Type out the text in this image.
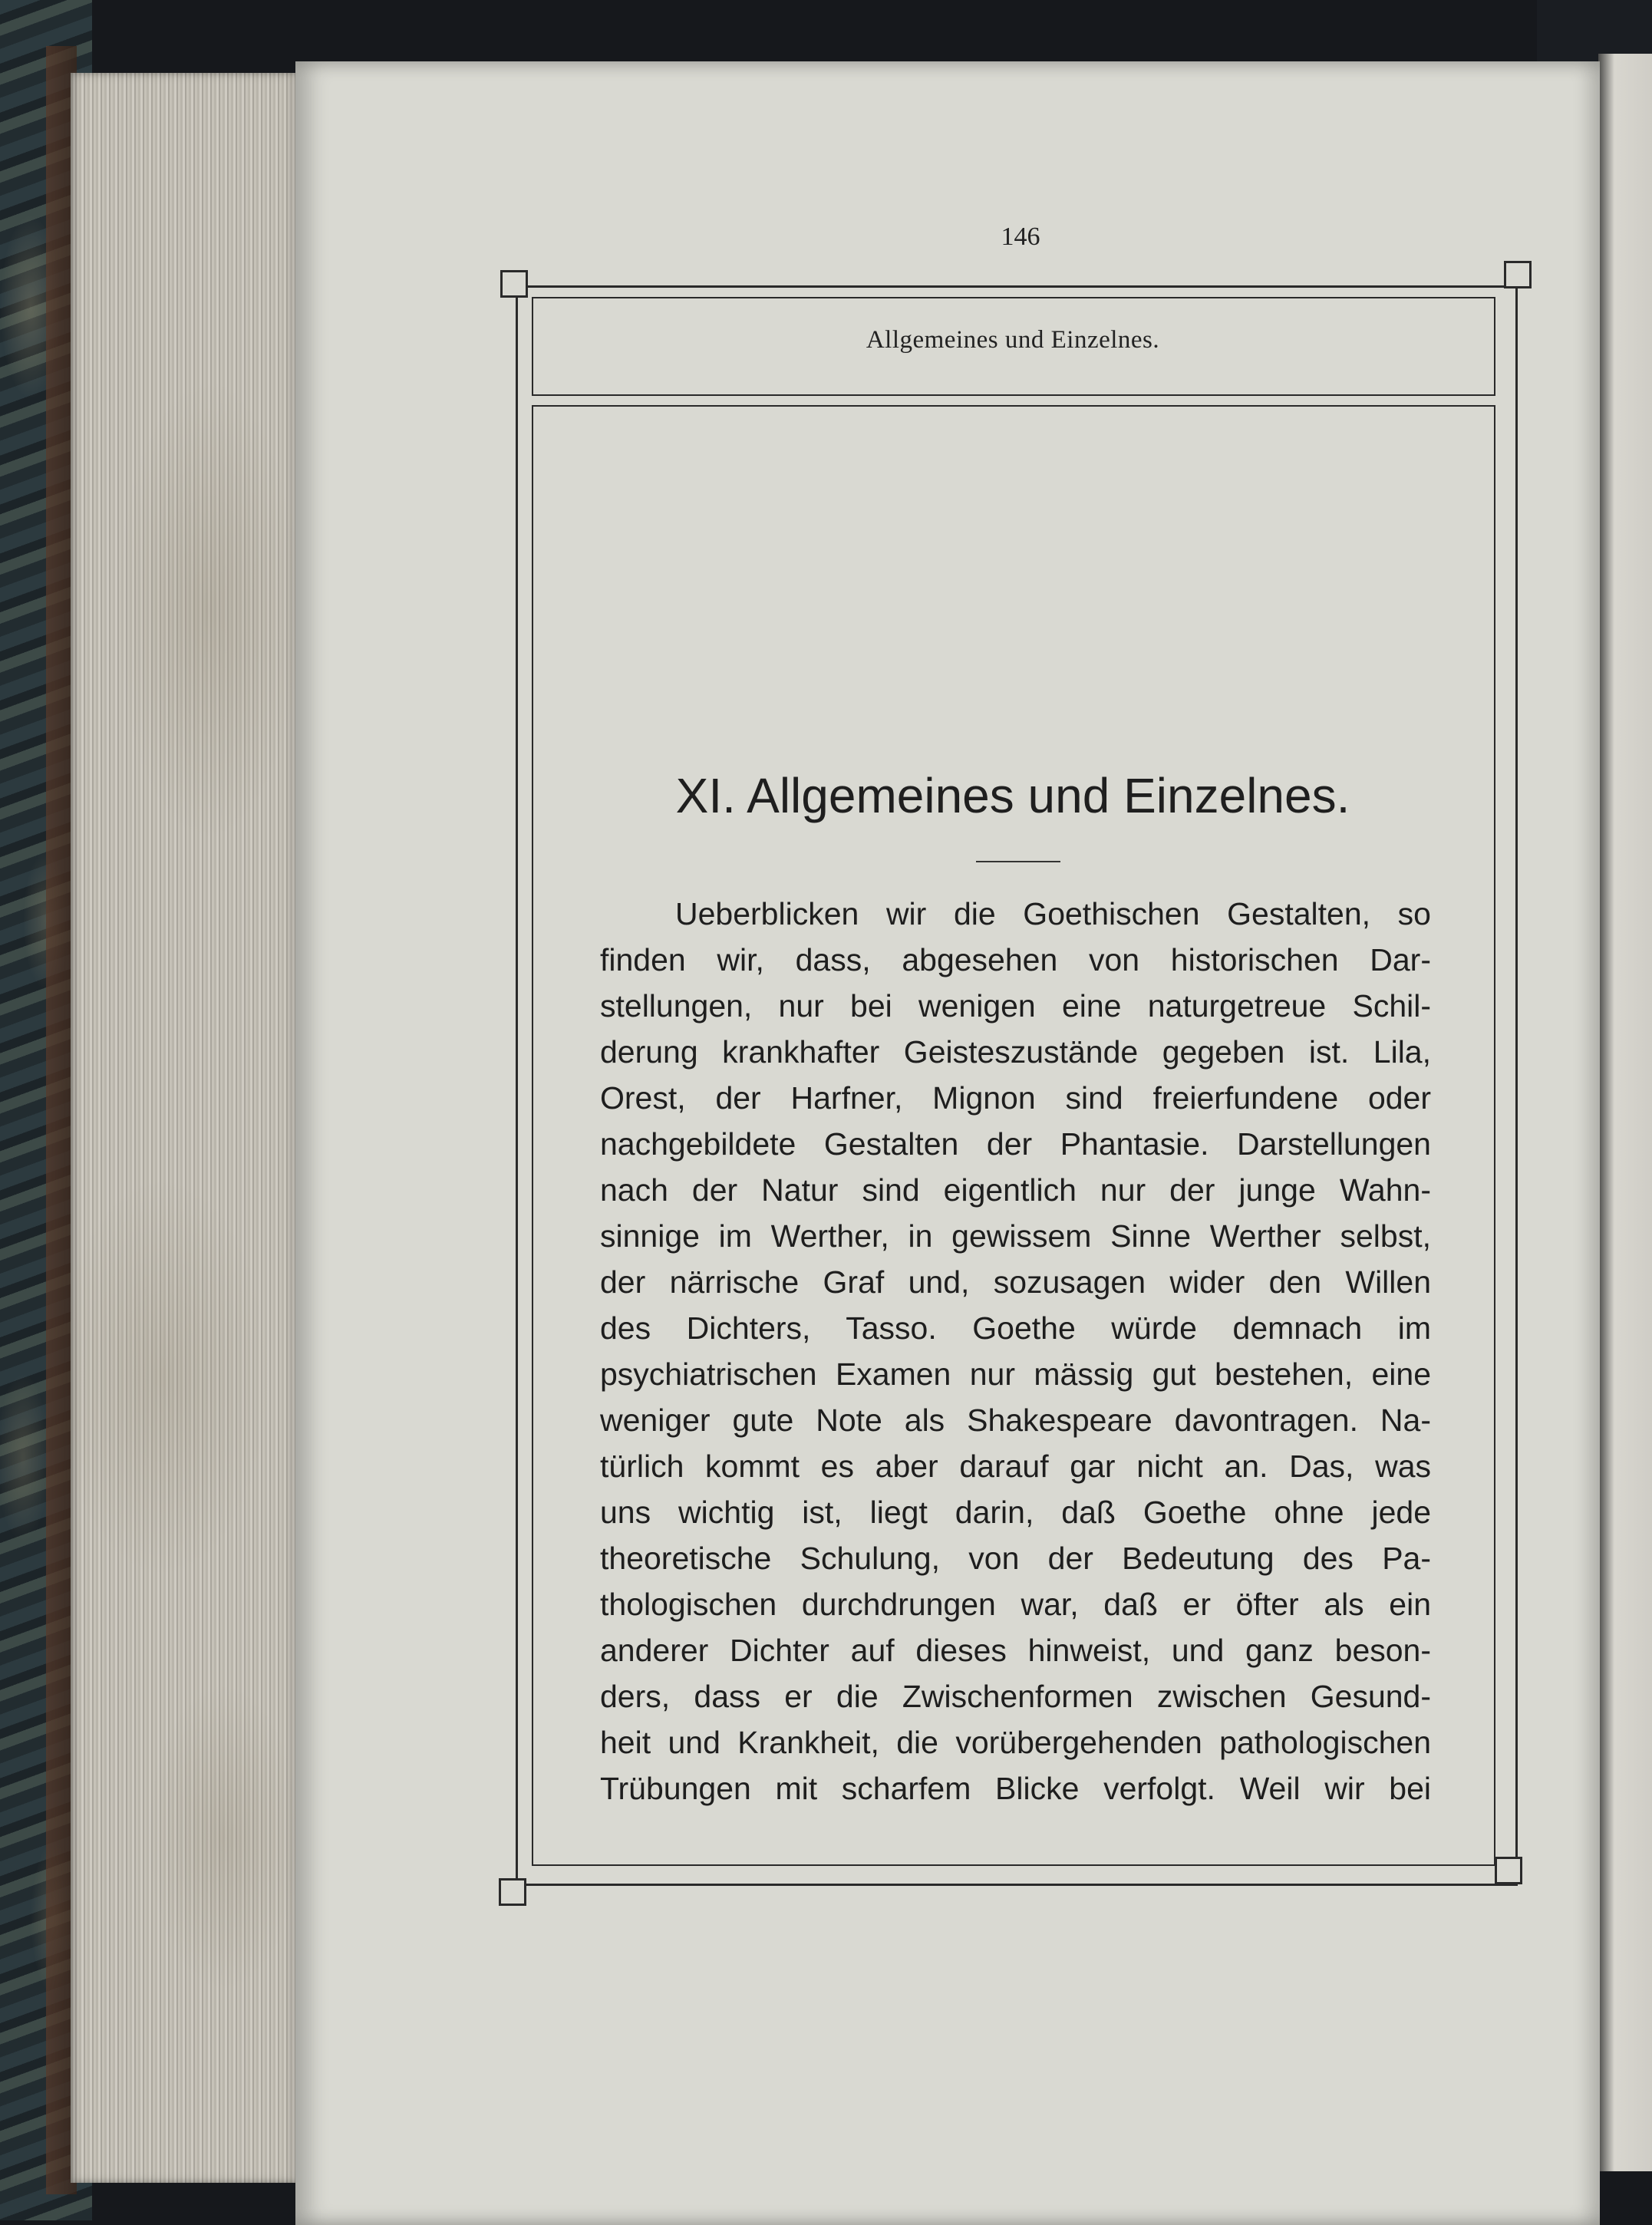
146
Allgemeines und Einzelnes.
XI. Allgemeines und Einzelnes.
Ueberblicken wir die Goethischen Gestalten, so
finden wir, dass, abgesehen von historischen Dar-
stellungen, nur bei wenigen eine naturgetreue Schil-
derung krankhafter Geisteszustände gegeben ist. Lila,
Orest, der Harfner, Mignon sind freierfundene oder
nachgebildete Gestalten der Phantasie. Darstellungen
nach der Natur sind eigentlich nur der junge Wahn-
sinnige im Werther, in gewissem Sinne Werther selbst,
der närrische Graf und, sozusagen wider den Willen
des Dichters, Tasso. Goethe würde demnach im
psychiatrischen Examen nur mässig gut bestehen, eine
weniger gute Note als Shakespeare davontragen. Na-
türlich kommt es aber darauf gar nicht an. Das, was
uns wichtig ist, liegt darin, daß Goethe ohne jede
theoretische Schulung, von der Bedeutung des Pa-
thologischen durchdrungen war, daß er öfter als ein
anderer Dichter auf dieses hinweist, und ganz beson-
ders, dass er die Zwischenformen zwischen Gesund-
heit und Krankheit, die vorübergehenden pathologischen
Trübungen mit scharfem Blicke verfolgt. Weil wir bei
